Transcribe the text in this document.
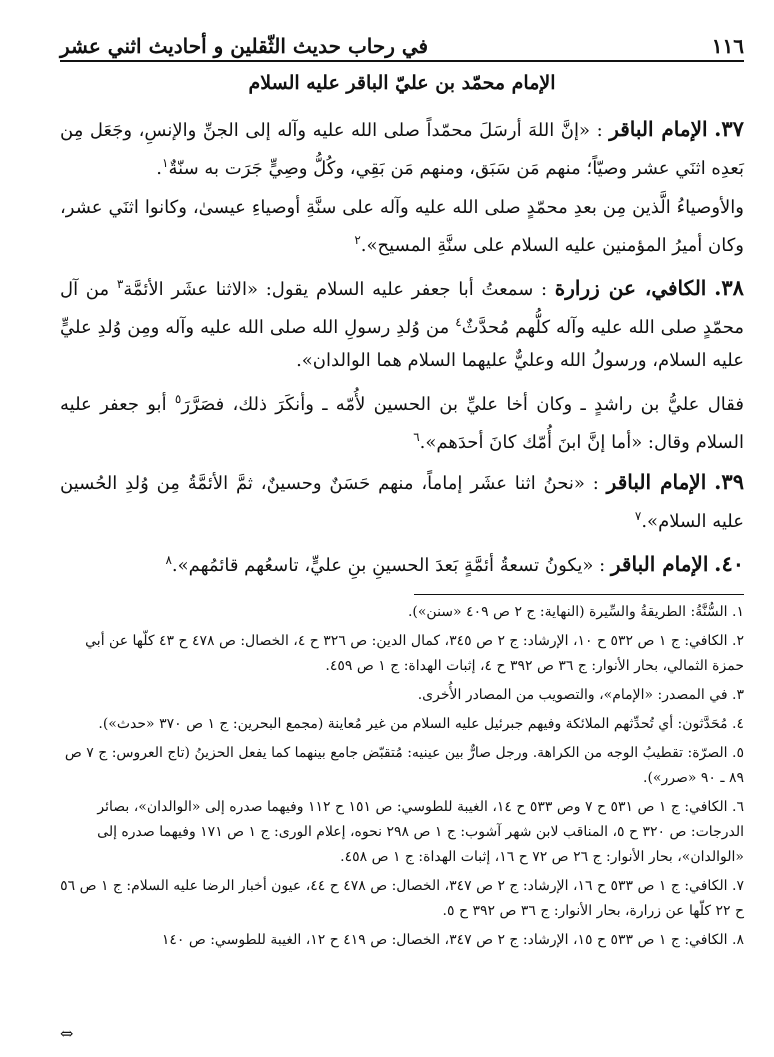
١١٦
في رحاب حديث الثّقلين و أحاديث اثني عشر
الإمام محمّد بن عليّ الباقر عليه السلام

٣٧. الإمام الباقر : «إنَّ اللهَ أرسَلَ محمّداً صلى الله عليه وآله إلى الجنِّ والإنسِ، وجَعَل مِن بَعدِه اثنَي عشر وصيّاً؛ منهم مَن سَبَق، ومنهم مَن بَقِي، وكُلُّ وصِيٍّ جَرَت به سنّةٌ$^١$.

والأوصياءُ الَّذين مِن بعدِ محمّدٍ صلى الله عليه وآله على سنَّةِ أوصياءِ عيسىٰ، وكانوا اثنَي عشر، وكان أميرُ المؤمنين عليه السلام على سنَّةِ المسيح».$^٢$

٣٨. الكافي، عن زرارة : سمعتُ أبا جعفر عليه السلام يقول: «الاثنا عشَر الأئمَّة$^٣$ من آل محمّدٍ صلى الله عليه وآله كلُّهم مُحدَّثٌ$^٤$ من وُلدِ رسولِ الله صلى الله عليه وآله ومِن وُلدِ عليٍّ عليه السلام، ورسولُ الله وعليٌّ عليهما السلام هما الوالدان».

فقال عليُّ بن راشدٍ ـ وكان أخا عليِّ بن الحسين لأُمّه ـ وأنكَرَ ذلك، فصَرَّرَ$^٥$ أبو جعفر عليه السلام وقال: «أما إنَّ ابنَ أُمّك كانَ أحدَهم».$^٦$

٣٩. الإمام الباقر : «نحنُ اثنا عشَر إماماً، منهم حَسَنٌ وحسينٌ، ثمَّ الأئمَّةُ مِن وُلدِ الحُسين عليه السلام».$^٧$

٤٠. الإمام الباقر : «يكونُ تسعةُ أئمَّةٍ بَعدَ الحسينِ بنِ عليٍّ، تاسعُهم قائمُهم».$^٨$

١. السُّنَّةُ: الطريقةُ والسِّيرة (النهاية: ج ٢ ص ٤٠٩ «سنن»).
٢. الكافي: ج ١ ص ٥٣٢ ح ١٠، الإرشاد: ج ٢ ص ٣٤٥، كمال الدين: ص ٣٢٦ ح ٤، الخصال: ص ٤٧٨ ح ٤٣ كلّها عن أبي حمزة الثمالي، بحار الأنوار: ج ٣٦ ص ٣٩٢ ح ٤، إثبات الهداة: ج ١ ص ٤٥٩.
٣. في المصدر: «الإمام»، والتصويب من المصادر الأُخرى.
٤. مُحَدَّثون: أي تُحدِّثهم الملائكة وفيهم جبرئيل عليه السلام من غير مُعاينة (مجمع البحرين: ج ١ ص ٣٧٠ «حدث»).
٥. الصرّة: تقطيبُ الوجه من الكراهة. ورجل صارٌّ بين عينيه: مُتقبّض جامع بينهما كما يفعل الحزينُ (تاج العروس: ج ٧ ص ٨٩ ـ ٩٠ «صرر»).
٦. الكافي: ج ١ ص ٥٣١ ح ٧ وص ٥٣٣ ح ١٤، الغيبة للطوسي: ص ١٥١ ح ١١٢ وفيهما صدره إلى «الوالدان»، بصائر الدرجات: ص ٣٢٠ ح ٥، المناقب لابن شهر آشوب: ج ١ ص ٢٩٨ نحوه، إعلام الورى: ج ١ ص ١٧١ وفيهما صدره إلى «الوالدان»، بحار الأنوار: ج ٢٦ ص ٧٢ ح ١٦، إثبات الهداة: ج ١ ص ٤٥٨.
٧. الكافي: ج ١ ص ٥٣٣ ح ١٦، الإرشاد: ج ٢ ص ٣٤٧، الخصال: ص ٤٧٨ ح ٤٤، عيون أخبار الرضا عليه السلام: ج ١ ص ٥٦ ح ٢٢ كلّها عن زرارة، بحار الأنوار: ج ٣٦ ص ٣٩٢ ح ٥.
٨. الكافي: ج ١ ص ٥٣٣ ح ١٥، الإرشاد: ج ٢ ص ٣٤٧، الخصال: ص ٤١٩ ح ١٢، الغيبة للطوسي: ص ١٤٠
⇔
